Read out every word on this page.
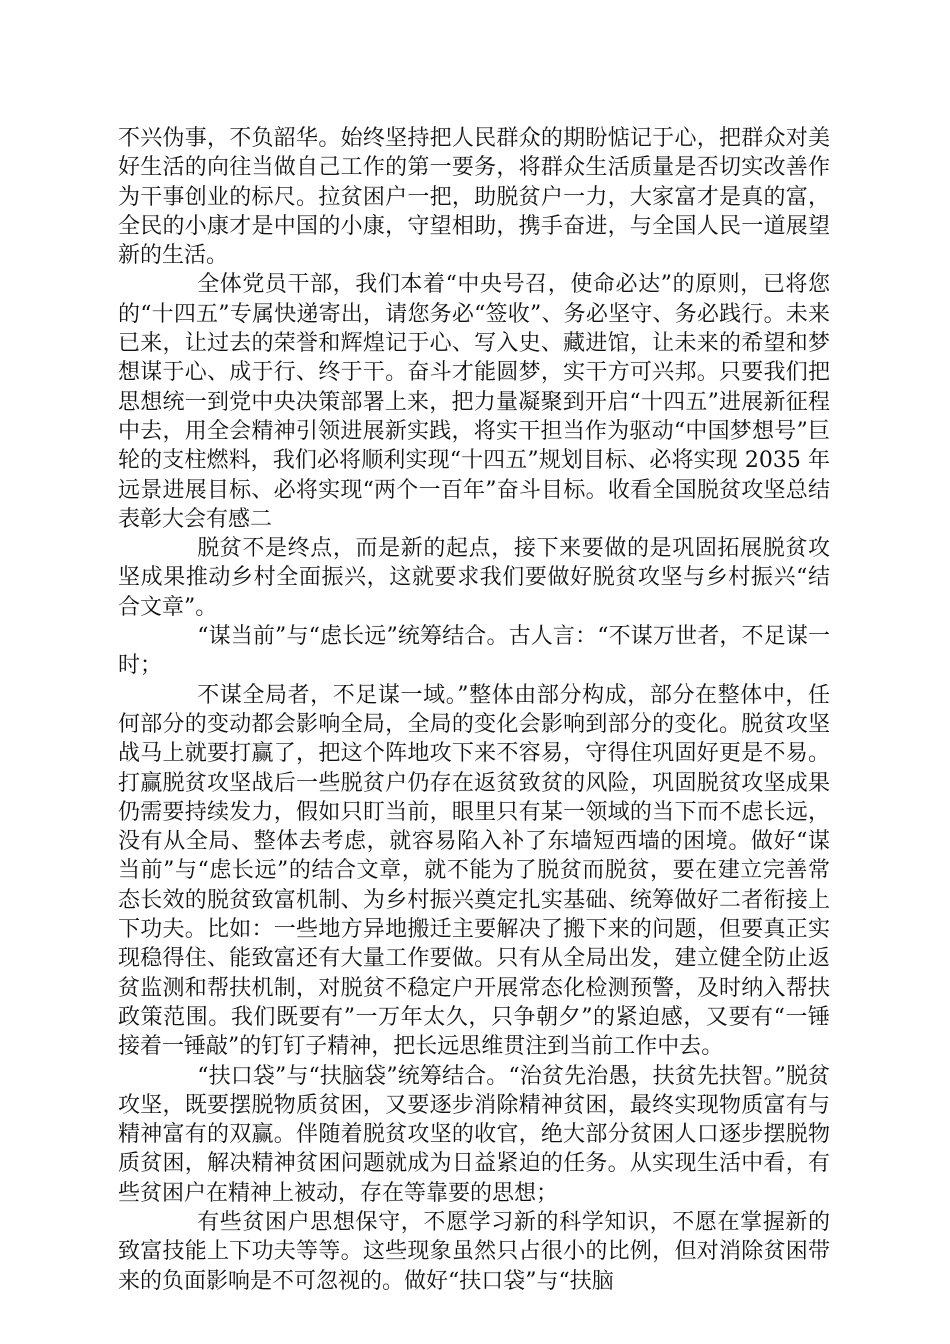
不兴伪事，不负韶华。始终坚持把人民群众的期盼惦记于心，把群众对美好生活的向往当做自己工作的第一要务，将群众生活质量是否切实改善作为干事创业的标尺。拉贫困户一把，助脱贫户一力，大家富才是真的富，全民的小康才是中国的小康，守望相助，携手奋进，与全国人民一道展望新的生活。

全体党员干部，我们本着“中央号召，使命必达”的原则，已将您的“十四五”专属快递寄出，请您务必“签收”、务必坚守、务必践行。未来已来，让过去的荣誉和辉煌记于心、写入史、藏进馆，让未来的希望和梦想谋于心、成于行、终于干。奋斗才能圆梦，实干方可兴邦。只要我们把思想统一到党中央决策部署上来，把力量凝聚到开启“十四五”进展新征程中去，用全会精神引领进展新实践，将实干担当作为驱动“中国梦想号”巨轮的支柱燃料，我们必将顺利实现“十四五”规划目标、必将实现 2035 年远景进展目标、必将实现“两个一百年”奋斗目标。收看全国脱贫攻坚总结表彰大会有感二

脱贫不是终点，而是新的起点，接下来要做的是巩固拓展脱贫攻坚成果推动乡村全面振兴，这就要求我们要做好脱贫攻坚与乡村振兴“结合文章”。

“谋当前”与“虑长远”统筹结合。古人言：“不谋万世者，不足谋一时；

不谋全局者，不足谋一域。”整体由部分构成，部分在整体中，任何部分的变动都会影响全局，全局的变化会影响到部分的变化。脱贫攻坚战马上就要打赢了，把这个阵地攻下来不容易，守得住巩固好更是不易。打赢脱贫攻坚战后一些脱贫户仍存在返贫致贫的风险，巩固脱贫攻坚成果仍需要持续发力，假如只盯当前，眼里只有某一领域的当下而不虑长远，没有从全局、整体去考虑，就容易陷入补了东墙短西墙的困境。做好“谋当前”与“虑长远”的结合文章，就不能为了脱贫而脱贫，要在建立完善常态长效的脱贫致富机制、为乡村振兴奠定扎实基础、统筹做好二者衔接上下功夫。比如：一些地方异地搬迁主要解决了搬下来的问题，但要真正实现稳得住、能致富还有大量工作要做。只有从全局出发，建立健全防止返贫监测和帮扶机制，对脱贫不稳定户开展常态化检测预警，及时纳入帮扶政策范围。我们既要有”一万年太久，只争朝夕”的紧迫感，又要有“一锤接着一锤敲”的钉钉子精神，把长远思维贯注到当前工作中去。

“扶口袋”与“扶脑袋”统筹结合。“治贫先治愚，扶贫先扶智。”脱贫攻坚，既要摆脱物质贫困，又要逐步消除精神贫困，最终实现物质富有与精神富有的双赢。伴随着脱贫攻坚的收官，绝大部分贫困人口逐步摆脱物质贫困，解决精神贫困问题就成为日益紧迫的任务。从实现生活中看，有些贫困户在精神上被动，存在等靠要的思想；

有些贫困户思想保守，不愿学习新的科学知识，不愿在掌握新的致富技能上下功夫等等。这些现象虽然只占很小的比例，但对消除贫困带来的负面影响是不可忽视的。做好“扶口袋”与“扶脑
